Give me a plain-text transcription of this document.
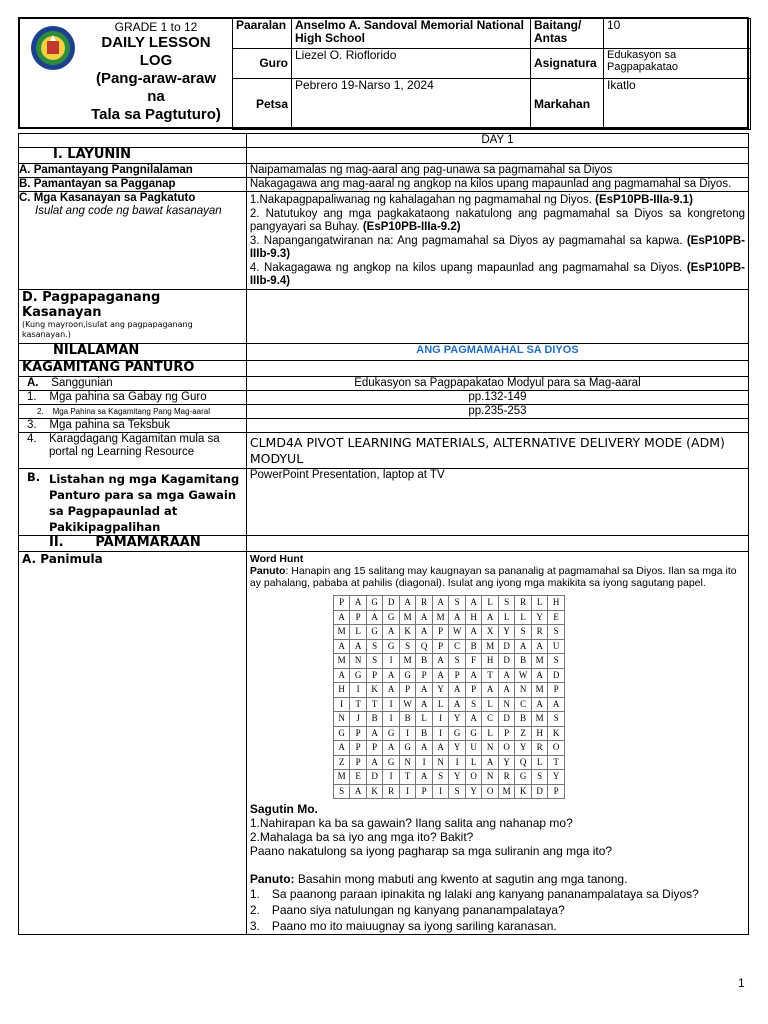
GRADE 1 to 12
DAILY LESSON
LOG
(Pang-araw-araw
na
Tala sa Pagtuturo)
Paaralan	Anselmo A. Sandoval Memorial National High School	Baitang/ Antas	10
Guro	Liezel O. Rioflorido	Asignatura	Edukasyon sa Pagpapakatao
Petsa	Pebrero 19-Narso 1, 2024	Markahan	Ikatlo
	DAY 1
I. LAYUNIN	
A. Pamantayang Pangnilalaman	Naipamamalas ng mag-aaral ang pag-unawa sa pagmamahal sa Diyos
B. Pamantayan sa Pagganap	Nakagagawa ang mag-aaral ng angkop na kilos upang mapaunlad ang pagmamahal sa Diyos.

C. Mga Kasanayan sa Pagkatuto
Isulat ang code ng bawat kasanayan

1.Nakapagpapaliwanag ng kahalagahan ng pagmamahal ng Diyos. (EsP10PB-IIIa-9.1)
2. Natutukoy ang mga pagkakataong nakatulong ang pagmamahal sa Diyos sa kongretong pangyayari sa Buhay. (EsP10PB-IIIa-9.2)
3. Napangangatwiranan na: Ang pagmamahal sa Diyos ay pagmamahal sa kapwa. (EsP10PB-IIIb-9.3)
4. Nakagagawa ng angkop na kilos upang mapaunlad ang pagmamahal sa Diyos. (EsP10PB-IIIb-9.4)

D. Pagpapaganang Kasanayan
(Kung mayroon,isulat ang pagpapaganang kasanayan.)

NILALAMAN	ANG PAGMAMAHAL SA DIYOS
KAGAMITANG PANTURO	
A. Sanggunian	Edukasyon sa Pagpapakatao Modyul para sa Mag-aaral
1.    Mga pahina sa Gabay ng Guro	pp.132-149
2.    Mga Pahina sa Kagamitang Pang Mag-aaral	pp.235-253
3.    Mga pahina sa Teksbuk	

4.	Karagdagang Kagamitan mula sa portal ng Learning Resource
	CLMD4A PIVOT LEARNING MATERIALS, ALTERNATIVE DELIVERY MODE (ADM) MODYUL

B. Listahan ng mga Kagamitang Panturo para sa mga Gawain sa Pagpapaunlad at Pakikipagpalihan
	PowerPoint Presentation, laptop at TV
II. PAMAMARAAN	
A. Panimula	Word Hunt
Panuto: Hanapin ang 15 salitang may kaugnayan sa pananalig at pagmamahal sa Diyos. Ilan sa mga ito ay pahalang, pababa at pahilis (diagonal). Isulat ang iyong mga makikita sa iyong sagutang papel.
P	A	G	D	A	R	A	S	A	L	S	R	L	H
A	P	A	G	M	A	M	A	H	A	L	L	Y	E
M	L	G	A	K	A	P	W	A	X	Y	S	R	S
A	A	S	G	S	Q	P	C	B	M	D	A	A	U
M	N	S	I	M	B	A	S	F	H	D	B	M	S
A	G	P	A	G	P	A	P	A	T	A	W	A	D
H	I	K	A	P	A	Y	A	P	A	A	N	M	P
I	T	T	I	W	A	L	A	S	L	N	C	A	A
N	J	B	I	B	L	I	Y	A	C	D	B	M	S
G	P	A	G	I	B	I	G	G	L	P	Z	H	K
A	P	P	A	G	A	A	Y	U	N	O	Y	R	O
Z	P	A	G	N	I	N	I	L	A	Y	Q	L	T
M	E	D	I	T	A	S	Y	O	N	R	G	S	Y
S	A	K	R	I	P	I	S	Y	O	M	K	D	P
Sagutin Mo.
1.Nahirapan ka ba sa gawain? Ilang salita ang nahanap mo?
2.Mahalaga ba sa iyo ang mga ito? Bakit?
Paano nakatulong sa iyong pagharap sa mga suliranin ang mga ito?
Panuto: Basahin mong mabuti ang kwento at sagutin ang mga tanong.
1. Sa paanong paraan ipinakita ng lalaki ang kanyang pananampalataya sa Diyos?
2. Paano siya natulungan ng kanyang pananampalataya?
3. Paano mo ito maiuugnay sa iyong sariling karanasan.
1
